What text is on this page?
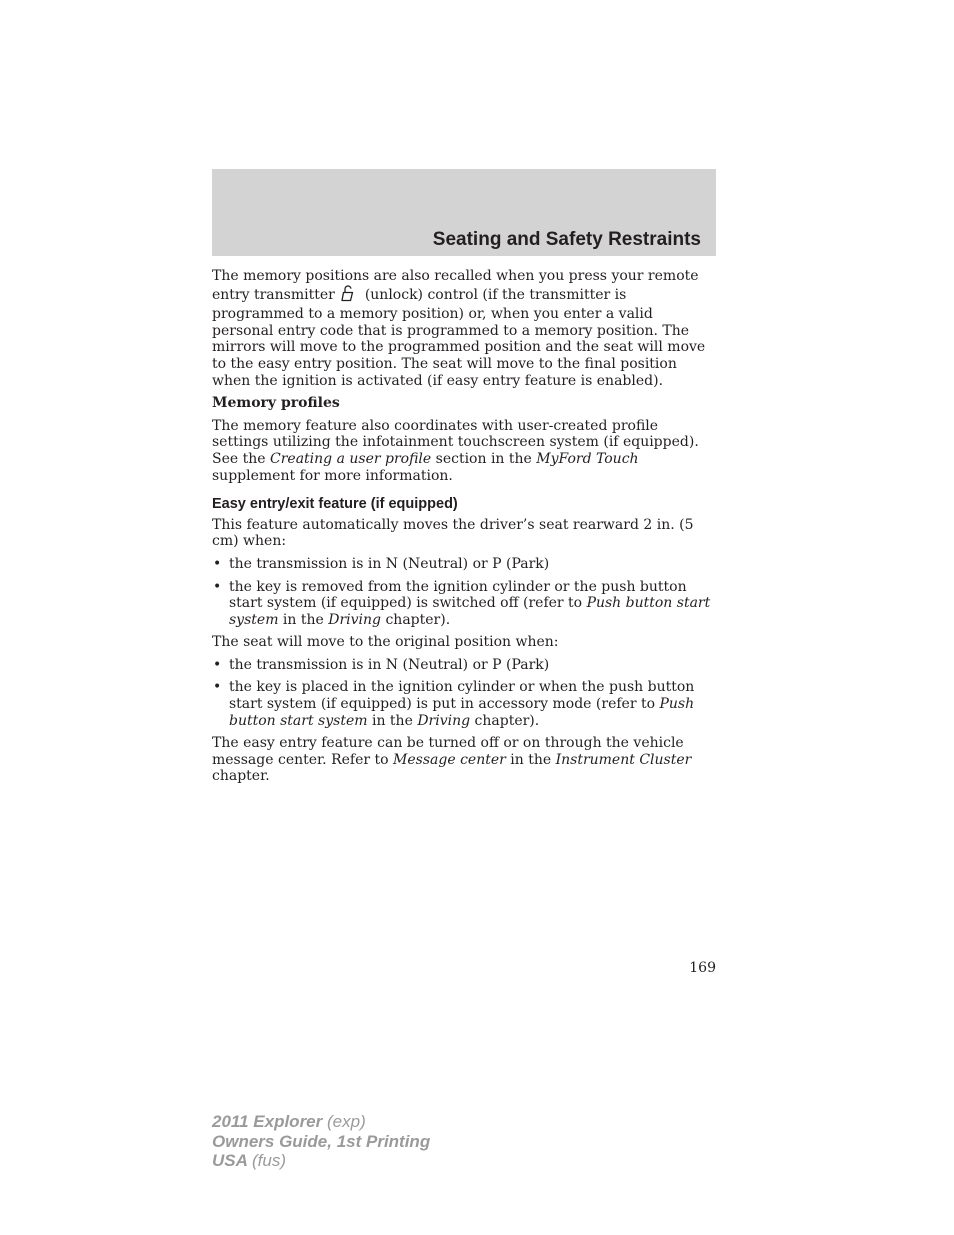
Seating and Safety Restraints

The memory positions are also recalled when you press your remote entry transmitter (unlock) control (if the transmitter is programmed to a memory position) or, when you enter a valid personal entry code that is programmed to a memory position. The mirrors will move to the programmed position and the seat will move to the easy entry position. The seat will move to the final position when the ignition is activated (if easy entry feature is enabled).

Memory profiles

The memory feature also coordinates with user-created profile settings utilizing the infotainment touchscreen system (if equipped). See the Creating a user profile section in the MyFord Touch supplement for more information.

Easy entry/exit feature (if equipped)

This feature automatically moves the driver’s seat rearward 2 in. (5 cm) when:

• the transmission is in N (Neutral) or P (Park)
• the key is removed from the ignition cylinder or the push button start system (if equipped) is switched off (refer to Push button start system in the Driving chapter).

The seat will move to the original position when:

• the transmission is in N (Neutral) or P (Park)
• the key is placed in the ignition cylinder or when the push button start system (if equipped) is put in accessory mode (refer to Push button start system in the Driving chapter).

The easy entry feature can be turned off or on through the vehicle message center. Refer to Message center in the Instrument Cluster chapter.

169
2011 Explorer (exp)
Owners Guide, 1st Printing
USA (fus)
